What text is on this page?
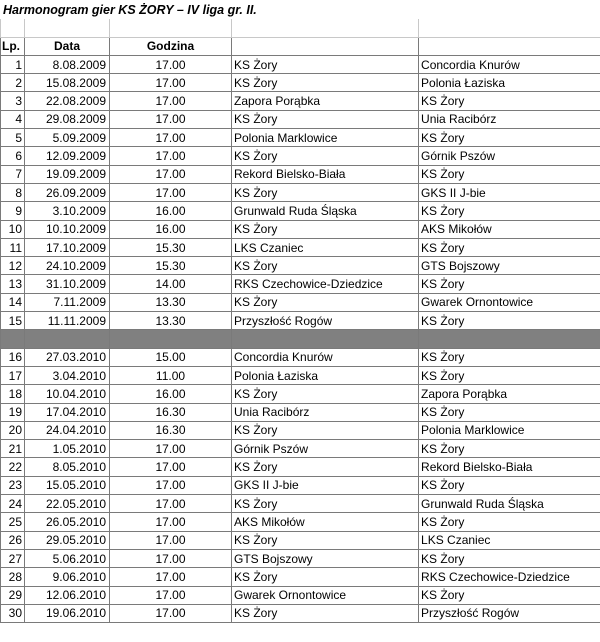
Harmonogram gier KS ŻORY – IV liga gr. II.				

Lp.	Data	Godzina		
1	8.08.2009	17.00	KS Żory	Concordia Knurów
2	15.08.2009	17.00	KS Żory	Polonia Łaziska
3	22.08.2009	17.00	Zapora Porąbka	KS Żory
4	29.08.2009	17.00	KS Żory	Unia Racibórz
5	5.09.2009	17.00	Polonia Marklowice	KS Żory
6	12.09.2009	17.00	KS Żory	Górnik Pszów
7	19.09.2009	17.00	Rekord Bielsko-Biała	KS Żory
8	26.09.2009	17.00	KS Żory	GKS II J-bie
9	3.10.2009	16.00	Grunwald Ruda Śląska	KS Żory
10	10.10.2009	16.00	KS Żory	AKS Mikołów
11	17.10.2009	15.30	LKS Czaniec	KS Żory
12	24.10.2009	15.30	KS Żory	GTS Bojszowy
13	31.10.2009	14.00	RKS Czechowice-Dziedzice	KS Żory
14	7.11.2009	13.30	KS Żory	Gwarek Ornontowice
15	11.11.2009	13.30	Przyszłość Rogów	KS Żory

16	27.03.2010	15.00	Concordia Knurów	KS Żory
17	3.04.2010	11.00	Polonia Łaziska	KS Żory
18	10.04.2010	16.00	KS Żory	Zapora Porąbka
19	17.04.2010	16.30	Unia Racibórz	KS Żory
20	24.04.2010	16.30	KS Żory	Polonia Marklowice
21	1.05.2010	17.00	Górnik Pszów	KS Żory
22	8.05.2010	17.00	KS Żory	Rekord Bielsko-Biała
23	15.05.2010	17.00	GKS II J-bie	KS Żory
24	22.05.2010	17.00	KS Żory	Grunwald Ruda Śląska
25	26.05.2010	17.00	AKS Mikołów	KS Żory
26	29.05.2010	17.00	KS Żory	LKS Czaniec
27	5.06.2010	17.00	GTS Bojszowy	KS Żory
28	9.06.2010	17.00	KS Żory	RKS Czechowice-Dziedzice
29	12.06.2010	17.00	Gwarek Ornontowice	KS Żory
30	19.06.2010	17.00	KS Żory	Przyszłość Rogów
